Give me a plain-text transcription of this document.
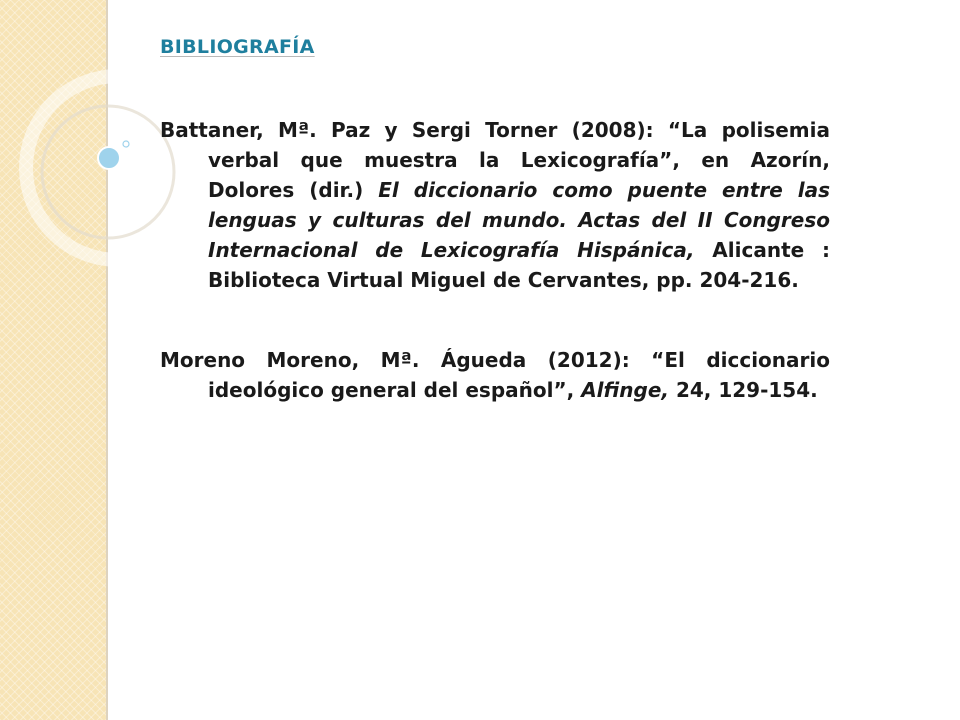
BIBLIOGRAFÍA

Battaner, Mª. Paz y Sergi Torner (2008): “La polisemia verbal que muestra la Lexicografía”, en Azorín, Dolores (dir.) El diccionario como puente entre las lenguas y culturas del mundo. Actas del II Congreso Internacional de Lexicografía Hispánica, Alicante : Biblioteca Virtual Miguel de Cervantes, pp. 204-216.

Moreno Moreno, Mª. Águeda (2012): “El diccionario ideológico general del español”, Alfinge, 24, 129-154.
